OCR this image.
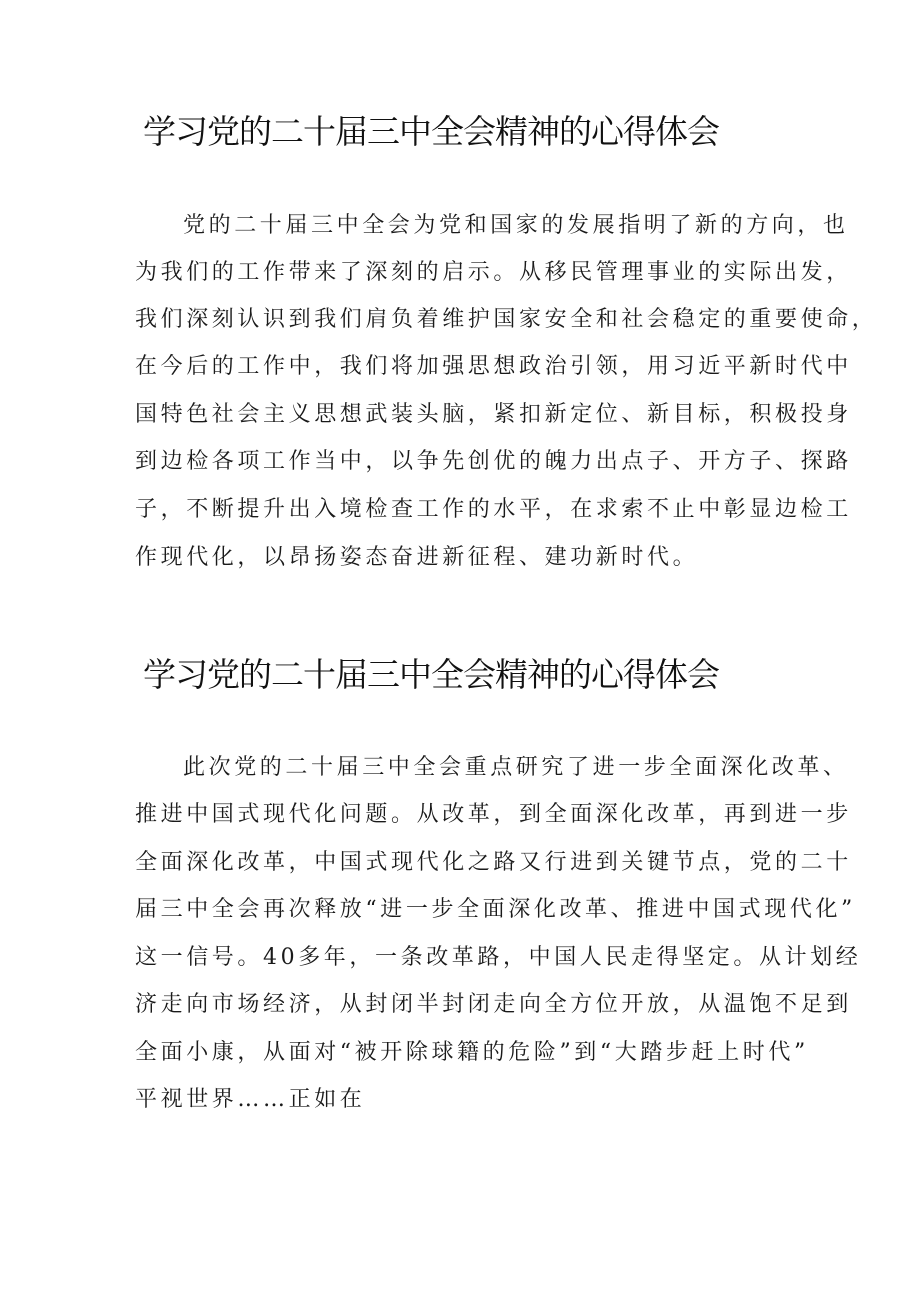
学习党的二十届三中全会精神的心得体会

党的二十届三中全会为党和国家的发展指明了新的方向，也

为我们的工作带来了深刻的启示。从移民管理事业的实际出发，

我们深刻认识到我们肩负着维护国家安全和社会稳定的重要使命，

在今后的工作中，我们将加强思想政治引领，用习近平新时代中

国特色社会主义思想武装头脑，紧扣新定位、新目标，积极投身

到边检各项工作当中，以争先创优的魄力出点子、开方子、探路

子，不断提升出入境检查工作的水平，在求索不止中彰显边检工

作现代化，以昂扬姿态奋进新征程、建功新时代。

学习党的二十届三中全会精神的心得体会

此次党的二十届三中全会重点研究了进一步全面深化改革、

推进中国式现代化问题。从改革，到全面深化改革，再到进一步

全面深化改革，中国式现代化之路又行进到关键节点，党的二十

届三中全会再次释放“进一步全面深化改革、推进中国式现代化”

这一信号。40多年，一条改革路，中国人民走得坚定。从计划经

济走向市场经济，从封闭半封闭走向全方位开放，从温饱不足到

全面小康，从面对“被开除球籍的危险”到“大踏步赶上时代”

平视世界……正如在
